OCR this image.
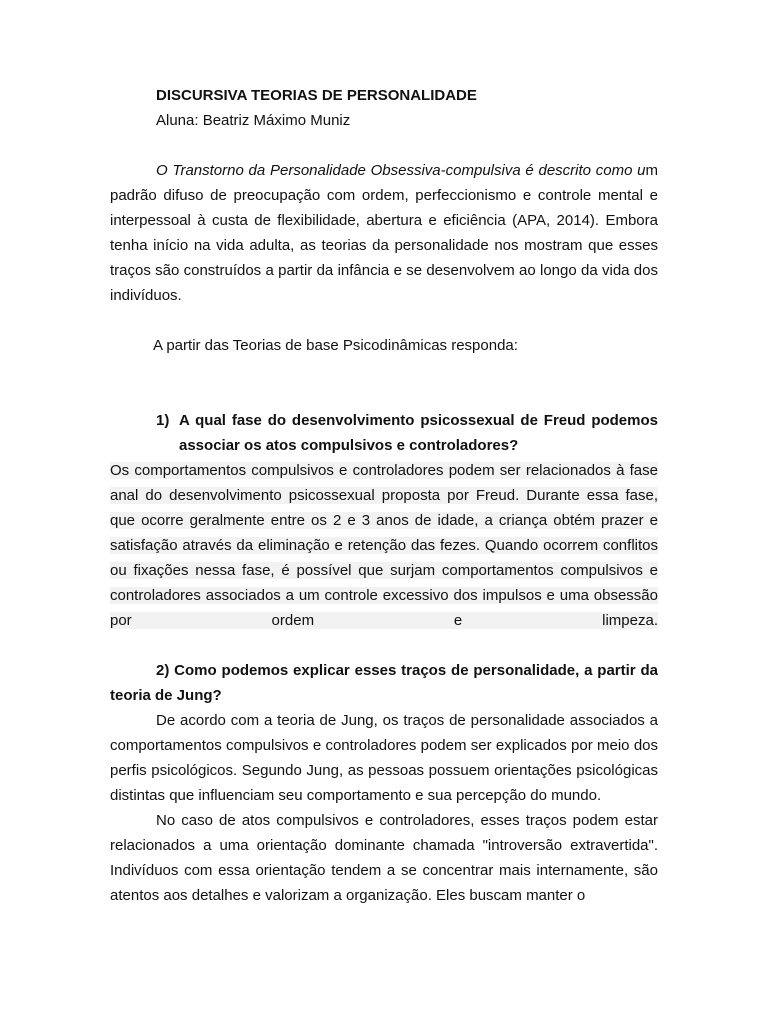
DISCURSIVA TEORIAS DE PERSONALIDADE
Aluna: Beatriz Máximo Muniz

O Transtorno da Personalidade Obsessiva-compulsiva é descrito como um padrão difuso de preocupação com ordem, perfeccionismo e controle mental e interpessoal à custa de flexibilidade, abertura e eficiência (APA, 2014). Embora tenha início na vida adulta, as teorias da personalidade nos mostram que esses traços são construídos a partir da infância e se desenvolvem ao longo da vida dos indivíduos.

A partir das Teorias de base Psicodinâmicas responda:
1) A qual fase do desenvolvimento psicossexual de Freud podemos associar os atos compulsivos e controladores?

Os comportamentos compulsivos e controladores podem ser relacionados à fase anal do desenvolvimento psicossexual proposta por Freud. Durante essa fase, que ocorre geralmente entre os 2 e 3 anos de idade, a criança obtém prazer e satisfação através da eliminação e retenção das fezes. Quando ocorrem conflitos ou fixações nessa fase, é possível que surjam comportamentos compulsivos e controladores associados a um controle excessivo dos impulsos e uma obsessão por ordem e limpeza.

2) Como podemos explicar esses traços de personalidade, a partir da teoria de Jung?

De acordo com a teoria de Jung, os traços de personalidade associados a comportamentos compulsivos e controladores podem ser explicados por meio dos perfis psicológicos. Segundo Jung, as pessoas possuem orientações psicológicas distintas que influenciam seu comportamento e sua percepção do mundo.

No caso de atos compulsivos e controladores, esses traços podem estar relacionados a uma orientação dominante chamada "introversão extravertida". Indivíduos com essa orientação tendem a se concentrar mais internamente, são atentos aos detalhes e valorizam a organização. Eles buscam manter o
